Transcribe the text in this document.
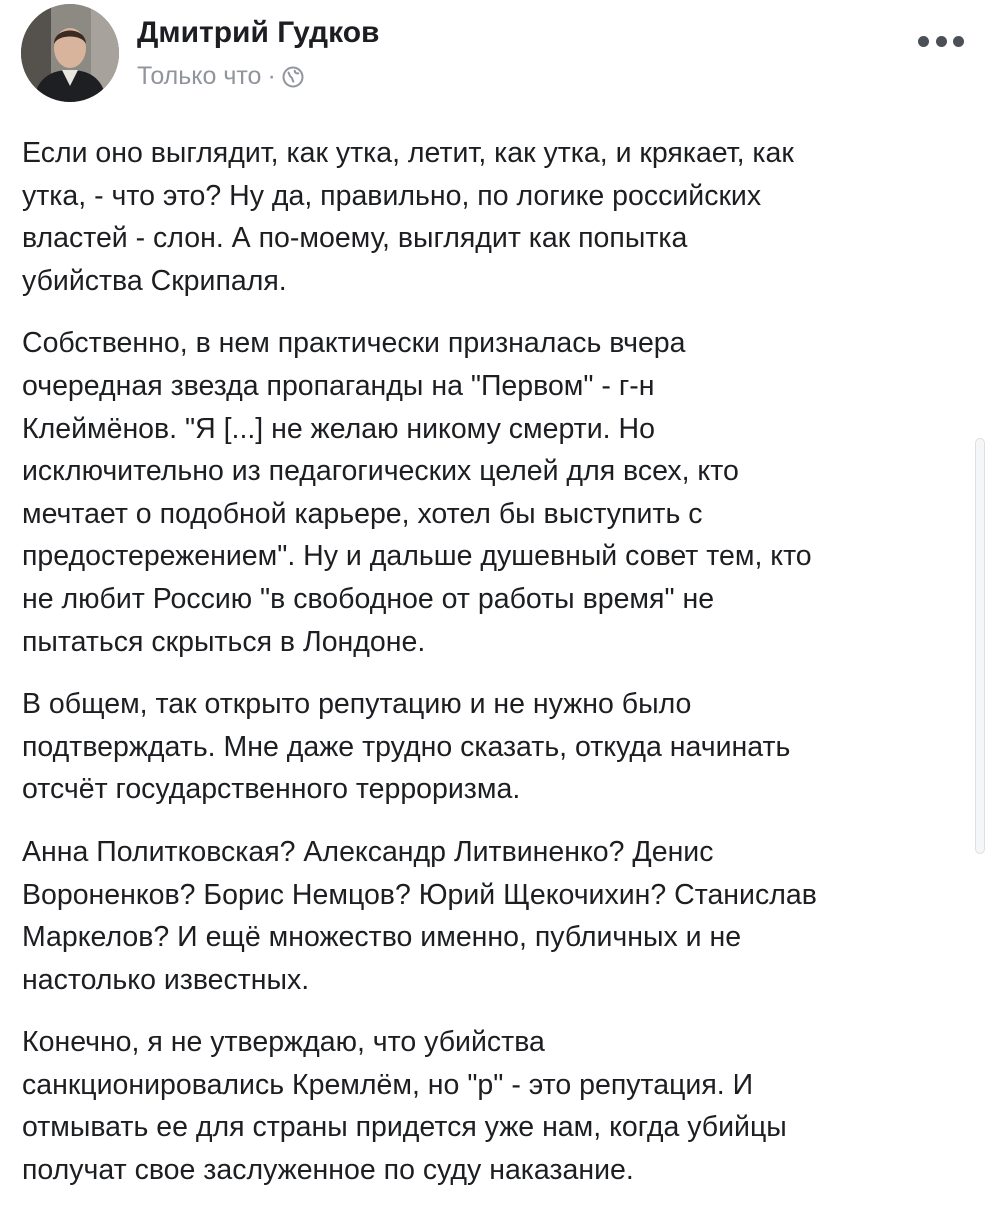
Дмитрий Гудков
Только что ·

Если оно выглядит, как утка, летит, как утка, и крякает, как
утка, - что это? Ну да, правильно, по логике российских
властей - слон. А по-моему, выглядит как попытка
убийства Скрипаля.

Собственно, в нем практически призналась вчера
очередная звезда пропаганды на "Первом" - г-н
Клеймёнов. "Я [...] не желаю никому смерти. Но
исключительно из педагогических целей для всех, кто
мечтает о подобной карьере, хотел бы выступить с
предостережением". Ну и дальше душевный совет тем, кто
не любит Россию "в свободное от работы время" не
пытаться скрыться в Лондоне.

В общем, так открыто репутацию и не нужно было
подтверждать. Мне даже трудно сказать, откуда начинать
отсчёт государственного терроризма.

Анна Политковская? Александр Литвиненко? Денис
Вороненков? Борис Немцов? Юрий Щекочихин? Станислав
Маркелов? И ещё множество именно, публичных и не
настолько известных.

Конечно, я не утверждаю, что убийства
санкционировались Кремлём, но "р" - это репутация. И
отмывать ее для страны придется уже нам, когда убийцы
получат свое заслуженное по суду наказание.
